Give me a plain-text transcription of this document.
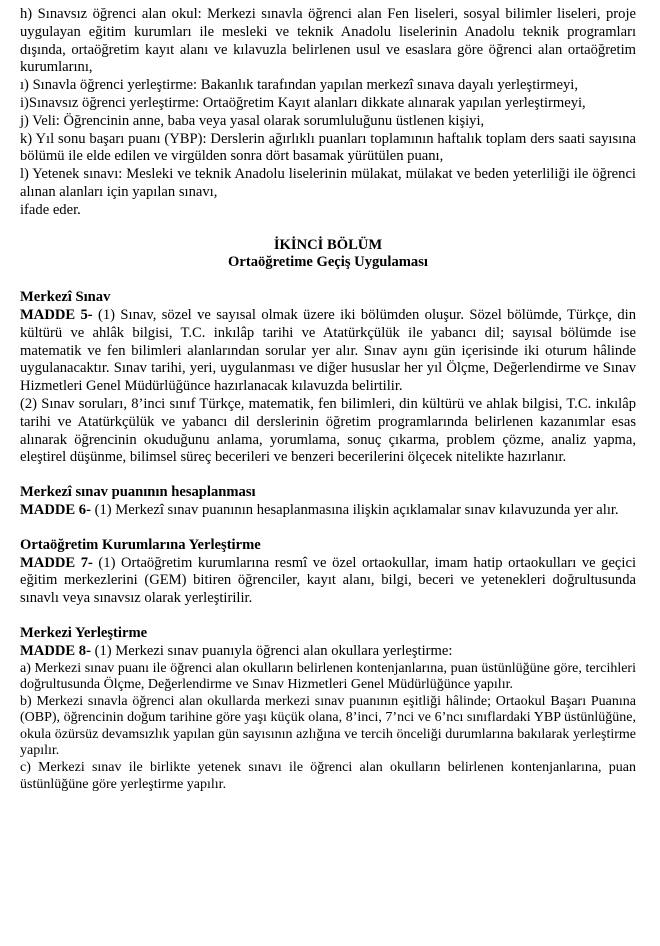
h) Sınavsız öğrenci alan okul: Merkezi sınavla öğrenci alan Fen liseleri, sosyal bilimler liseleri, proje uygulayan eğitim kurumları ile mesleki ve teknik Anadolu liselerinin Anadolu teknik programları dışında, ortaöğretim kayıt alanı ve kılavuzla belirlenen usul ve esaslara göre öğrenci alan ortaöğretim kurumlarını,

ı) Sınavla öğrenci yerleştirme: Bakanlık tarafından yapılan merkezî sınava dayalı yerleştirmeyi,

i)Sınavsız öğrenci yerleştirme: Ortaöğretim Kayıt alanları dikkate alınarak yapılan yerleştirmeyi,

j) Veli: Öğrencinin anne, baba veya yasal olarak sorumluluğunu üstlenen kişiyi,

k) Yıl sonu başarı puanı (YBP): Derslerin ağırlıklı puanları toplamının haftalık toplam ders saati sayısına bölümü ile elde edilen ve virgülden sonra dört basamak yürütülen puanı,

l) Yetenek sınavı: Mesleki ve teknik Anadolu liselerinin mülakat, mülakat ve beden yeterliliği ile öğrenci alınan alanları için yapılan sınavı,

ifade eder.

İKİNCİ BÖLÜM

Ortaöğretime Geçiş Uygulaması

Merkezî Sınav

MADDE 5- (1) Sınav, sözel ve sayısal olmak üzere iki bölümden oluşur. Sözel bölümde, Türkçe, din kültürü ve ahlâk bilgisi, T.C. inkılâp tarihi ve Atatürkçülük ile yabancı dil; sayısal bölümde ise matematik ve fen bilimleri alanlarından sorular yer alır. Sınav aynı gün içerisinde iki oturum hâlinde uygulanacaktır. Sınav tarihi, yeri, uygulanması ve diğer hususlar her yıl Ölçme, Değerlendirme ve Sınav Hizmetleri Genel Müdürlüğünce hazırlanacak kılavuzda belirtilir.

(2) Sınav soruları, 8’inci sınıf Türkçe, matematik, fen bilimleri, din kültürü ve ahlak bilgisi, T.C. inkılâp tarihi ve Atatürkçülük ve yabancı dil derslerinin öğretim programlarında belirlenen kazanımlar esas alınarak öğrencinin okuduğunu anlama, yorumlama, sonuç çıkarma, problem çözme, analiz yapma, eleştirel düşünme, bilimsel süreç becerileri ve benzeri becerilerini ölçecek nitelikte hazırlanır.

Merkezî sınav puanının hesaplanması

MADDE 6- (1) Merkezî sınav puanının hesaplanmasına ilişkin açıklamalar sınav kılavuzunda yer alır.

Ortaöğretim Kurumlarına Yerleştirme

MADDE 7- (1) Ortaöğretim kurumlarına resmî ve özel ortaokullar, imam hatip ortaokulları ve geçici eğitim merkezlerini (GEM) bitiren öğrenciler, kayıt alanı, bilgi, beceri ve yetenekleri doğrultusunda sınavlı veya sınavsız olarak yerleştirilir.

Merkezi Yerleştirme

MADDE 8- (1) Merkezi sınav puanıyla öğrenci alan okullara yerleştirme:

a) Merkezi sınav puanı ile öğrenci alan okulların belirlenen kontenjanlarına, puan üstünlüğüne göre, tercihleri doğrultusunda Ölçme, Değerlendirme ve Sınav Hizmetleri Genel Müdürlüğünce yapılır.

b) Merkezi sınavla öğrenci alan okullarda merkezi sınav puanının eşitliği hâlinde; Ortaokul Başarı Puanına (OBP), öğrencinin doğum tarihine göre yaşı küçük olana, 8’inci, 7’nci ve 6’ncı sınıflardaki YBP üstünlüğüne, okula özürsüz devamsızlık yapılan gün sayısının azlığına ve tercih önceliği durumlarına bakılarak yerleştirme yapılır.

c) Merkezi sınav ile birlikte yetenek sınavı ile öğrenci alan okulların belirlenen kontenjanlarına, puan üstünlüğüne göre yerleştirme yapılır.
